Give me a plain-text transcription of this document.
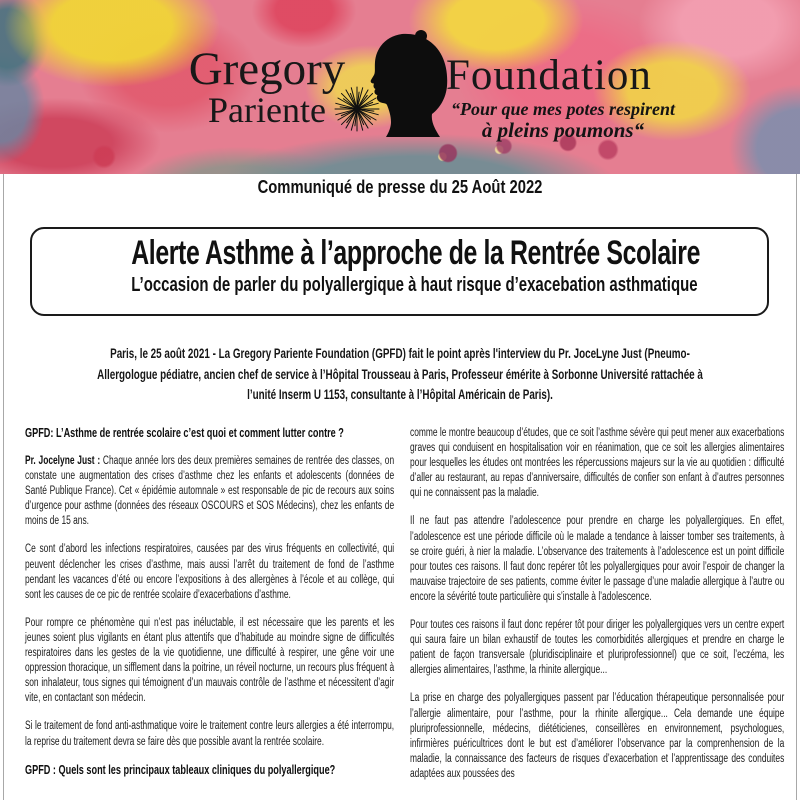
Gregory
Pariente
Foundation
“Pour que mes potes respirent
à pleins poumons“
Communiqué de presse du 25 Août 2022
Alerte Asthme à l’approche de la Rentrée Scolaire
L’occasion de parler du polyallergique à haut risque d’exacebation asthmatique
Paris, le 25 août 2021 - La Gregory Pariente Foundation (GPFD) fait le point après l'interview du Pr. JoceLyne Just (Pneumo-Allergologue pédiatre, ancien chef de service à l’Hôpital Trousseau à Paris, Professeur émérite à Sorbonne Université rattachée à l’unité Inserm U 1153, consultante à l’Hôpital Américain de Paris).
GPFD: L’Asthme de rentrée scolaire c’est quoi et comment lutter contre ?

Pr. Jocelyne Just : Chaque année lors des deux premières semaines de rentrée des classes, on constate une augmentation des crises d’asthme chez les enfants et adolescents (données de Santé Publique France). Cet « épidémie automnale » est responsable de pic de recours aux soins d’urgence pour asthme (données des réseaux OSCOURS et SOS Médecins), chez les enfants de moins de 15 ans.

Ce sont d’abord les infections respiratoires, causées par des virus fréquents en collectivité, qui peuvent déclencher les crises d’asthme, mais aussi l’arrêt du traitement de fond de l’asthme pendant les vacances d’été ou encore l’expositions à des allergènes à l’école et au collège, qui sont les causes de ce pic de rentrée scolaire d’exacerbations d’asthme.

Pour rompre ce phénomène qui n’est pas inéluctable, il est nécessaire que les parents et les jeunes soient plus vigilants en étant plus attentifs que d’habitude au moindre signe de difficultés respiratoires dans les gestes de la vie quotidienne, une difficulté à respirer, une gêne voir une oppression thoracique, un sifflement dans la poitrine, un réveil nocturne, un recours plus fréquent à son inhalateur, tous signes qui témoignent d’un mauvais contrôle de l’asthme et nécessitent d’agir vite, en contactant son médecin.

Si le traitement de fond anti-asthmatique voire le traitement contre leurs allergies a été interrompu, la reprise du traitement devra se faire dès que possible avant la rentrée scolaire.

GPFD : Quels sont les principaux tableaux cliniques du polyallergique?

comme le montre beaucoup d’études, que ce soit l’asthme sévère qui peut mener aux exacerbations graves qui conduisent en hospitalisation voir en réanimation, que ce soit les allergies alimentaires pour lesquelles les études ont montrées les répercussions majeurs sur la vie au quotidien : difficulté d’aller au restaurant, au repas d’anniversaire, difficultés de confier son enfant à d’autres personnes qui ne connaissent pas la maladie.

Il ne faut pas attendre l’adolescence pour prendre en charge les polyallergiques. En effet, l’adolescence est une période difficile où le malade a tendance à laisser tomber ses traitements, à se croire guéri, à nier la maladie. L’observance des traitements à l’adolescence est un point difficile pour toutes ces raisons. Il faut donc repérer tôt les polyallergiques pour avoir l’espoir de changer la mauvaise trajectoire de ses patients, comme éviter le passage d’une maladie allergique à l’autre ou encore la sévérité toute particulière qui s’installe à l’adolescence.

Pour toutes ces raisons il faut donc repérer tôt pour diriger les polyallergiques vers un centre expert qui saura faire un bilan exhaustif de toutes les comorbidités allergiques et prendre en charge le patient de façon transversale (pluridisciplinaire et pluriprofessionnel) que ce soit, l’eczéma, les allergies alimentaires, l’asthme, la rhinite allergique...

La prise en charge des polyallergiques passent par l’éducation thérapeutique personnalisée pour l’allergie alimentaire, pour l’asthme, pour la rhinite allergique... Cela demande une équipe pluriprofessionnelle, médecins, diététicienes, conseillères en environnement, psychologues, infirmières puéricultrices dont le but est d’améliorer l’observance par la comprenhension de la maladie, la connaissance des facteurs de risques d’exacerbation et l’apprentissage des conduites adaptées aux poussées des
